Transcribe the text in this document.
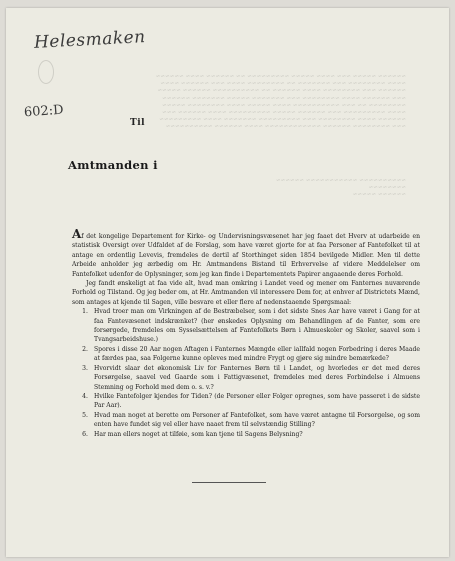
~~~~~~ ~~~~~ ~~~ ~~~~ ~~~~~ ~~~~~~~~~ ~~ ~~~~~~ ~~~~ ~~~~~~
~~~~ ~~~~~~~~ ~~~ ~~~~~~~ ~~ ~~~~~~~~ ~~~~ ~~~ ~~~~~~ ~~~~
~~~~~~ ~~~ ~~~~~~~~ ~~~~ ~~~~~~ ~~ ~~~~~~~~~~ ~~~~~~ ~~~~~
~~~ ~~~~~~ ~~~~ ~~~~~~~~ ~~~ ~~~~~~~ ~~~~~ ~~~~~~~ ~~~~~~
~~~~~~~~ ~~ ~~~ ~~~~~~~~~~ ~~~~ ~~~~~ ~~~~ ~~~~~~~~ ~~~~~
~~~~ ~~~~~~~~~ ~~~ ~~~~~~ ~~~~~ ~~~~~~~~~ ~~~~ ~~~~~~ ~~~
~~~~~~ ~~~~ ~~~~~~~~ ~~~ ~~~~~~~~~ ~~~~~~~ ~~~~ ~~~~~~~~~
~~~ ~~~~~~~~ ~~~~~~ ~~~~~~~~~~~~ ~~~~ ~~~~~~ ~~~~~~~~~~
~~~~~~~~~~ ~~~~~~~~~~~ ~~~~~~
~~~~~~~~
~~~~~~ ~~~~~
Helesmaken
602:D
Til
Amtmanden i

Af det kongelige Departement for Kirke- og Undervisningsvæsenet har jeg faaet det Hverv at udarbeide en statistisk Oversigt over Udfaldet af de Forslag, som have været gjorte for at faa Personer af Fantefolket til at antage en ordentlig Levevis, fremdeles de dertil af Storthinget siden 1854 bevilgede Midler. Men til dette Arbeide anholder jeg ærbødig om Hr. Amtmandens Bistand til Erhvervelse af videre Meddelelser om Fantefolket udenfor de Oplysninger, som jeg kan finde i Departementets Papirer angaaende deres Forhold.

Jeg fandt ønskeligt at faa vide alt, hvad man omkring i Landet veed og mener om Fanternes nuværende Forhold og Tilstand. Og jeg beder om, at Hr. Amtmanden vil interessere Dem for, at enhver af Districtets Mænd, som antages at kjende til Sagen, ville besvare et eller flere af nedenstaaende Spørgsmaal:

1. Hvad troer man om Virkningen af de Bestræbelser, som i det sidste Snes Aar have været i Gang for at faa Fantevæsenet indskrænket? (her ønskedes Oplysning om Behandlingen af de Fanter, som ere forsørgede, fremdeles om Sysselsættelsen af Fantefolkets Børn i Almueskoler og Skoler, saavel som i Tvangsarbeidshuse.)
2. Spores i disse 20 Aar nogen Aftagen i Fanternes Mængde eller iallfald nogen Forbedring i deres Maade at færdes paa, saa Folgerne kunne opleves med mindre Frygt og gjøre sig mindre bemærkede?
3. Hvorvidt slaar det økonomisk Liv for Fanternes Børn til i Landet, og hvorledes er det med deres Forsørgelse, saavel ved Gaarde som i Fattigvæsenet, fremdeles med deres Forbindelse i Almuens Stemning og Forhold med dem o. s. v.?
4. Hvilke Fantefolger kjendes for Tiden? (de Personer eller Folger opregnes, som have passeret i de sidste Par Aar).
5. Hvad man noget at berette om Personer af Fantefolket, som have været antagne til Forsorgelse, og som enten have fundet sig vel eller have naaet frem til selvstændig Stilling?
6. Har man ellers noget at tilføie, som kan tjene til Sagens Belysning?
